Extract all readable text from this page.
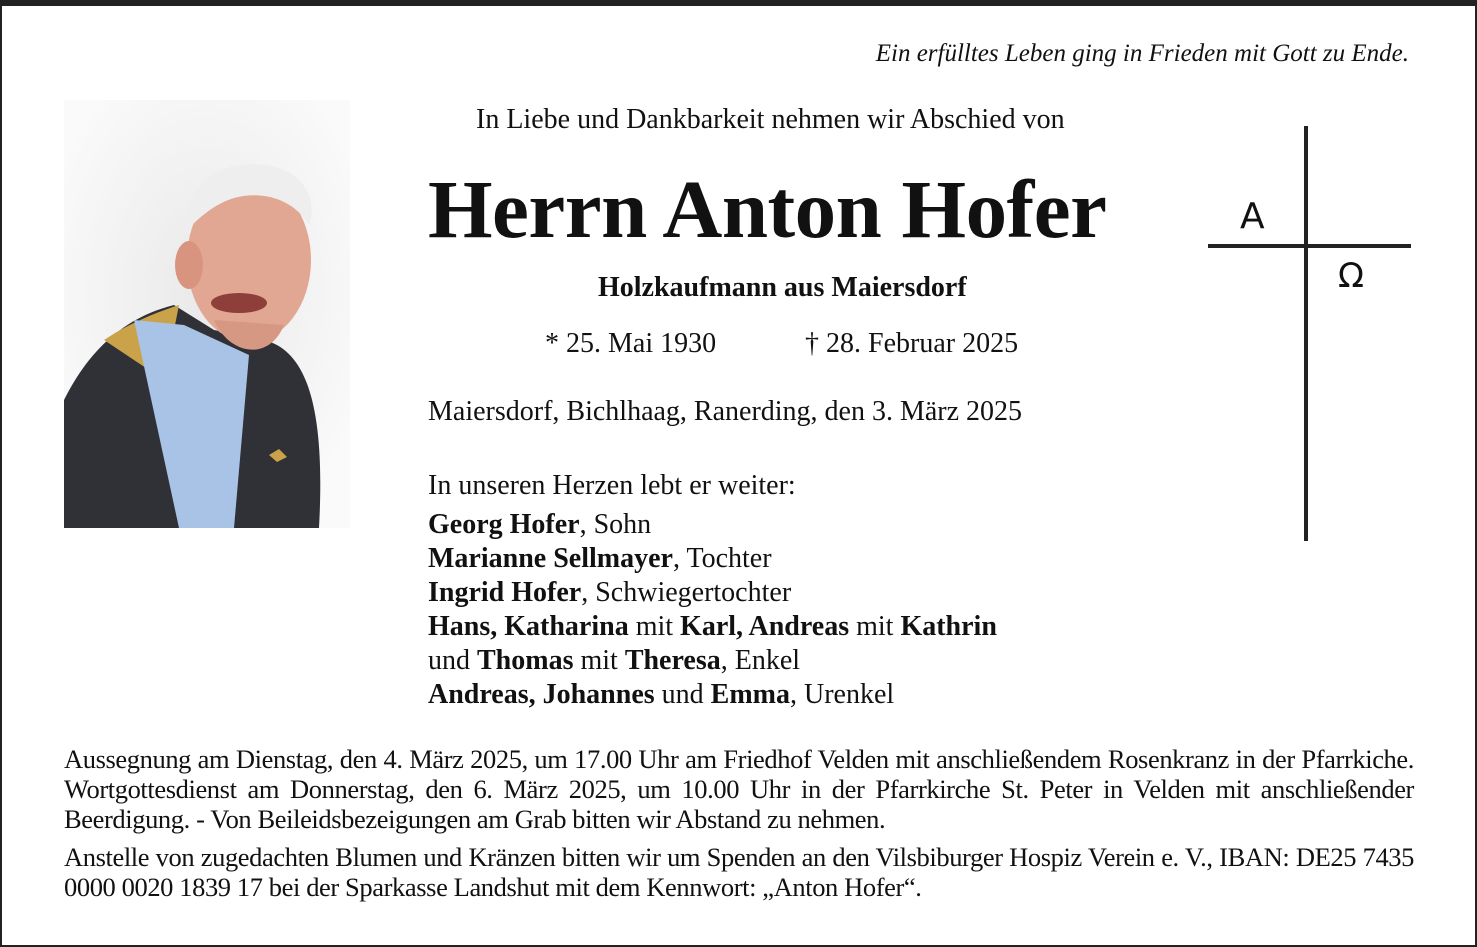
Ein erfülltes Leben ging in Frieden mit Gott zu Ende.
In Liebe und Dankbarkeit nehmen wir Abschied von
Herrn Anton Hofer
Holzkaufmann aus Maiersdorf
* 25. Mai 1930	† 28. Februar 2025
Maiersdorf, Bichlhaag, Ranerding, den 3. März 2025
A
Ω
In unseren Herzen lebt er weiter:
Georg Hofer, Sohn
Marianne Sellmayer, Tochter
Ingrid Hofer, Schwiegertochter
Hans, Katharina mit Karl, Andreas mit Kathrin
und Thomas mit Theresa, Enkel
Andreas, Johannes und Emma, Urenkel

Aussegnung am Dienstag, den 4. März 2025, um 17.00 Uhr am Friedhof Velden mit anschließendem Rosenkranz in der Pfarrkiche. Wortgottesdienst am Donnerstag, den 6. März 2025, um 10.00 Uhr in der Pfarrkirche St. Peter in Velden mit anschließender Beerdigung. - Von Beileidsbezeigungen am Grab bitten wir Abstand zu nehmen.

Anstelle von zugedachten Blumen und Kränzen bitten wir um Spenden an den Vilsbiburger Hospiz Verein e. V., IBAN: DE25 7435 0000 0020 1839 17 bei der Sparkasse Landshut mit dem Kennwort: „Anton Hofer“.
